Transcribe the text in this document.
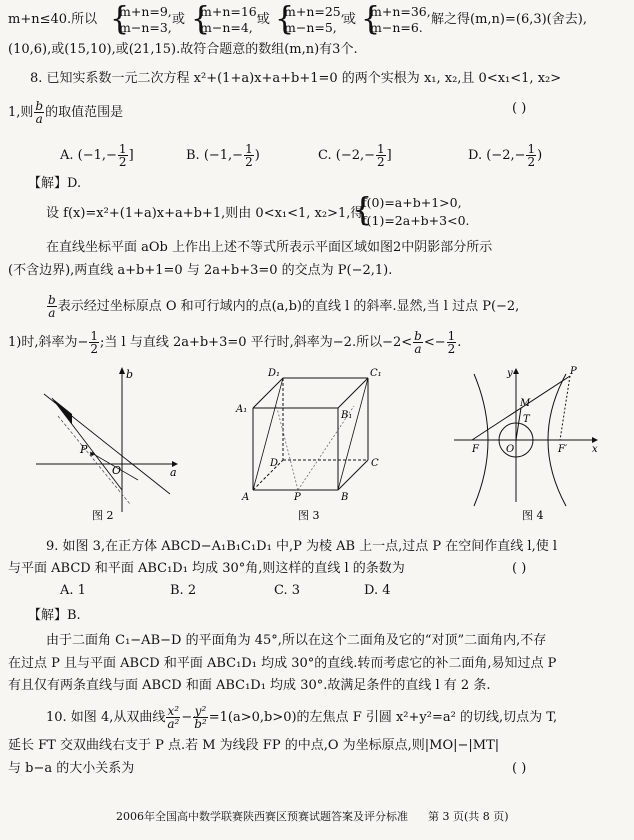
m+n≤40.所以 {
m+n=9,
m−n=3,
或 {
m+n=16,
m−n=4,
或 {
m+n=25,
m−n=5,
或 {
m+n=36,
m−n=6.
解之得(m,n)=(6,3)(舍去),
(10,6),或(15,10),或(21,15).故符合题意的数组(m,n)有3个.
8. 已知实系数一元二次方程 x²+(1+a)x+a+b+1=0 的两个实根为 x₁, x₂,且 0<x₁<1, x₂>
1,则 $\frac{b}{a}$ 的取值范围是	( )
A. ($-1,- \frac{1}{2}$ ]	B. ($-1,- \frac{1}{2}$ )	C. ($-2,- \frac{1}{2}$ ]	D. ($-2,- \frac{1}{2}$ )
【解】D.
设 f(x)=x²+(1+a)x+a+b+1,则由 0<x₁<1, x₂>1,得
{
f(0)=a+b+1>0,
f(1)=2a+b+3<0.
在直线坐标平面 aOb 上作出上述不等式所表示平面区域如图2中阴影部分所示
(不含边界),两直线 a+b+1=0 与 2a+b+3=0 的交点为 P(−2,1).
$\frac{b}{a}$ 表示经过坐标原点 O 和可行域内的点(a,b)的直线 l 的斜率.显然,当 l 过点 P(−2,
1)时,斜率为− $\frac{1}{2}$ ;当 l 与直线 2a+b+3=0 平行时,斜率为−2.所以$-2< \frac{b}{a} <- \frac{1}{2}$ .
b
a
P
O
图 2
D₁	C₁
A₁
B₁
D	C
A	B
P
图 3
y
x
P
M
T
F	O	F′
图 4
9. 如图 3,在正方体 ABCD−A₁B₁C₁D₁ 中,P 为棱 AB 上一点,过点 P 在空间作直线 l,使 l
与平面 ABCD 和平面 ABC₁D₁ 均成 30°角,则这样的直线 l 的条数为	( )
A. 1	B. 2	C. 3	D. 4
【解】B.
由于二面角 C₁−AB−D 的平面角为 45°,所以在这个二面角及它的“对顶”二面角内,不存
在过点 P 且与平面 ABCD 和平面 ABC₁D₁ 均成 30°的直线.转而考虑它的补二面角,易知过点 P
有且仅有两条直线与面 ABCD 和面 ABC₁D₁ 均成 30°.故满足条件的直线 l 有 2 条.
10. 如图 4,从双曲线 $\frac{\text{x²}}{\text{a²}} - \frac{\text{y²}}{\text{b²}} =1(a>0,b>0)$的左焦点 F 引圆 x²+y²=a² 的切线,切点为 T,
延长 FT 交双曲线右支于 P 点.若 M 为线段 FP 的中点,O 为坐标原点,则|MO|−|MT|
与 b−a 的大小关系为	( )
2006年全国高中数学联赛陕西赛区预赛试题答案及评分标准 第 3 页(共 8 页)
